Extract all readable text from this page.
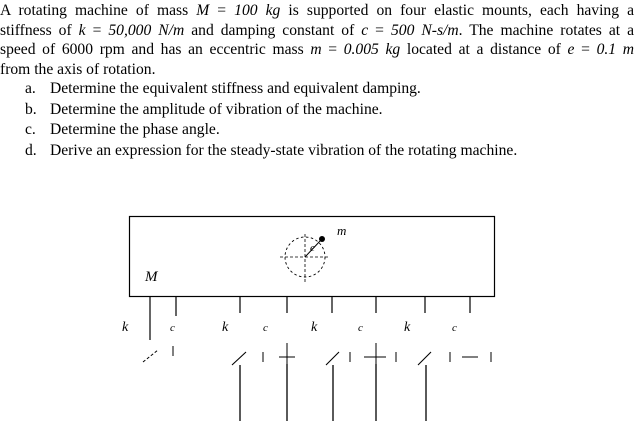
A rotating machine of mass M = 100 kg is supported on four elastic mounts, each having a
stiffness of k = 50,000 N/m and damping constant of c = 500 N-s/m. The machine rotates at a
speed of 6000 rpm and has an eccentric mass m = 0.005 kg located at a distance of e = 0.1 m
from the axis of rotation.

a. Determine the equivalent stiffness and equivalent damping.
b. Determine the amplitude of vibration of the machine.
c. Determine the phase angle.
d. Derive an expression for the steady-state vibration of the rotating machine.
M
m
e
k	c	k	c	k	c	k	c
